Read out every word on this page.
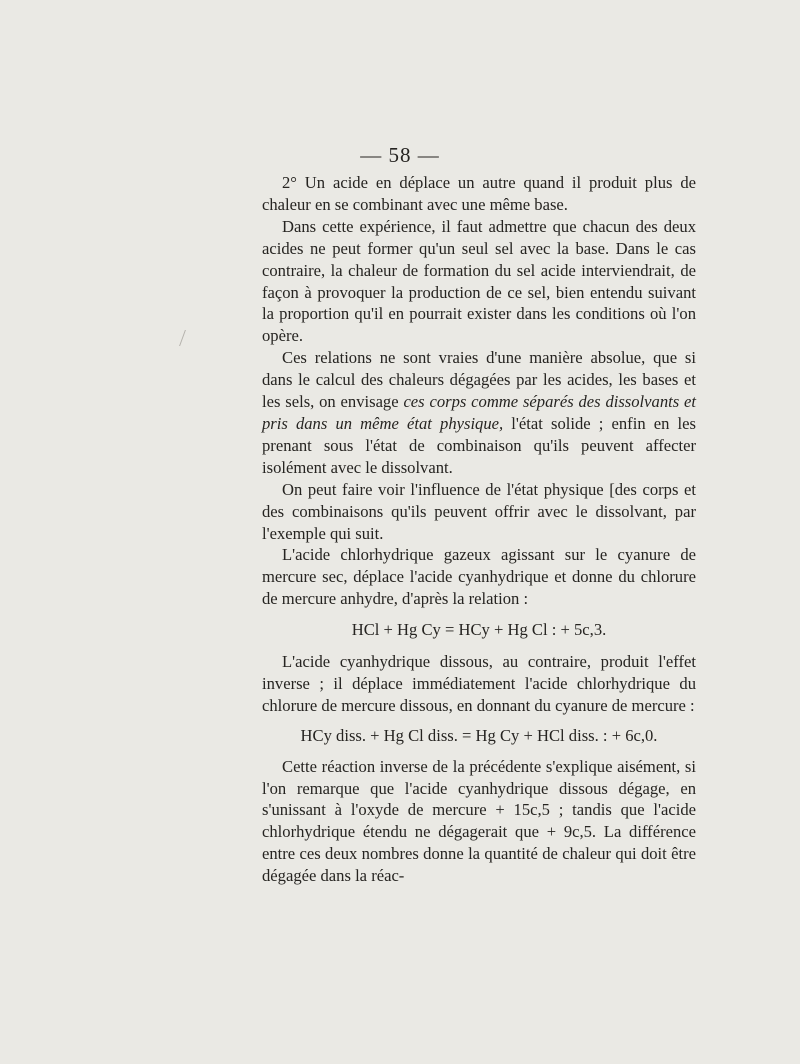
— 58 —

2° Un acide en déplace un autre quand il produit plus de chaleur en se combinant avec une même base.

Dans cette expérience, il faut admettre que chacun des deux acides ne peut former qu'un seul sel avec la base. Dans le cas contraire, la chaleur de formation du sel acide interviendrait, de façon à provoquer la production de ce sel, bien entendu suivant la proportion qu'il en pourrait exister dans les conditions où l'on opère.

Ces relations ne sont vraies d'une manière absolue, que si dans le calcul des chaleurs dégagées par les acides, les bases et les sels, on envisage ces corps comme séparés des dissolvants et pris dans un même état physique, l'état solide ; enfin en les prenant sous l'état de combinaison qu'ils peuvent affecter isolément avec le dissolvant.

On peut faire voir l'influence de l'état physique [des corps et des combinaisons qu'ils peuvent offrir avec le dissolvant, par l'exemple qui suit.

L'acide chlorhydrique gazeux agissant sur le cyanure de mercure sec, déplace l'acide cyanhydrique et donne du chlorure de mercure anhydre, d'après la relation :

HCl + Hg Cy = HCy + Hg Cl : + 5c,3.

L'acide cyanhydrique dissous, au contraire, produit l'effet inverse ; il déplace immédiatement l'acide chlorhydrique du chlorure de mercure dissous, en donnant du cyanure de mercure :

HCy diss. + Hg Cl diss. = Hg Cy + HCl diss. : + 6c,0.

Cette réaction inverse de la précédente s'explique aisément, si l'on remarque que l'acide cyanhydrique dissous dégage, en s'unissant à l'oxyde de mercure + 15c,5 ; tandis que l'acide chlorhydrique étendu ne dégagerait que + 9c,5. La différence entre ces deux nombres donne la quantité de chaleur qui doit être dégagée dans la réac-
